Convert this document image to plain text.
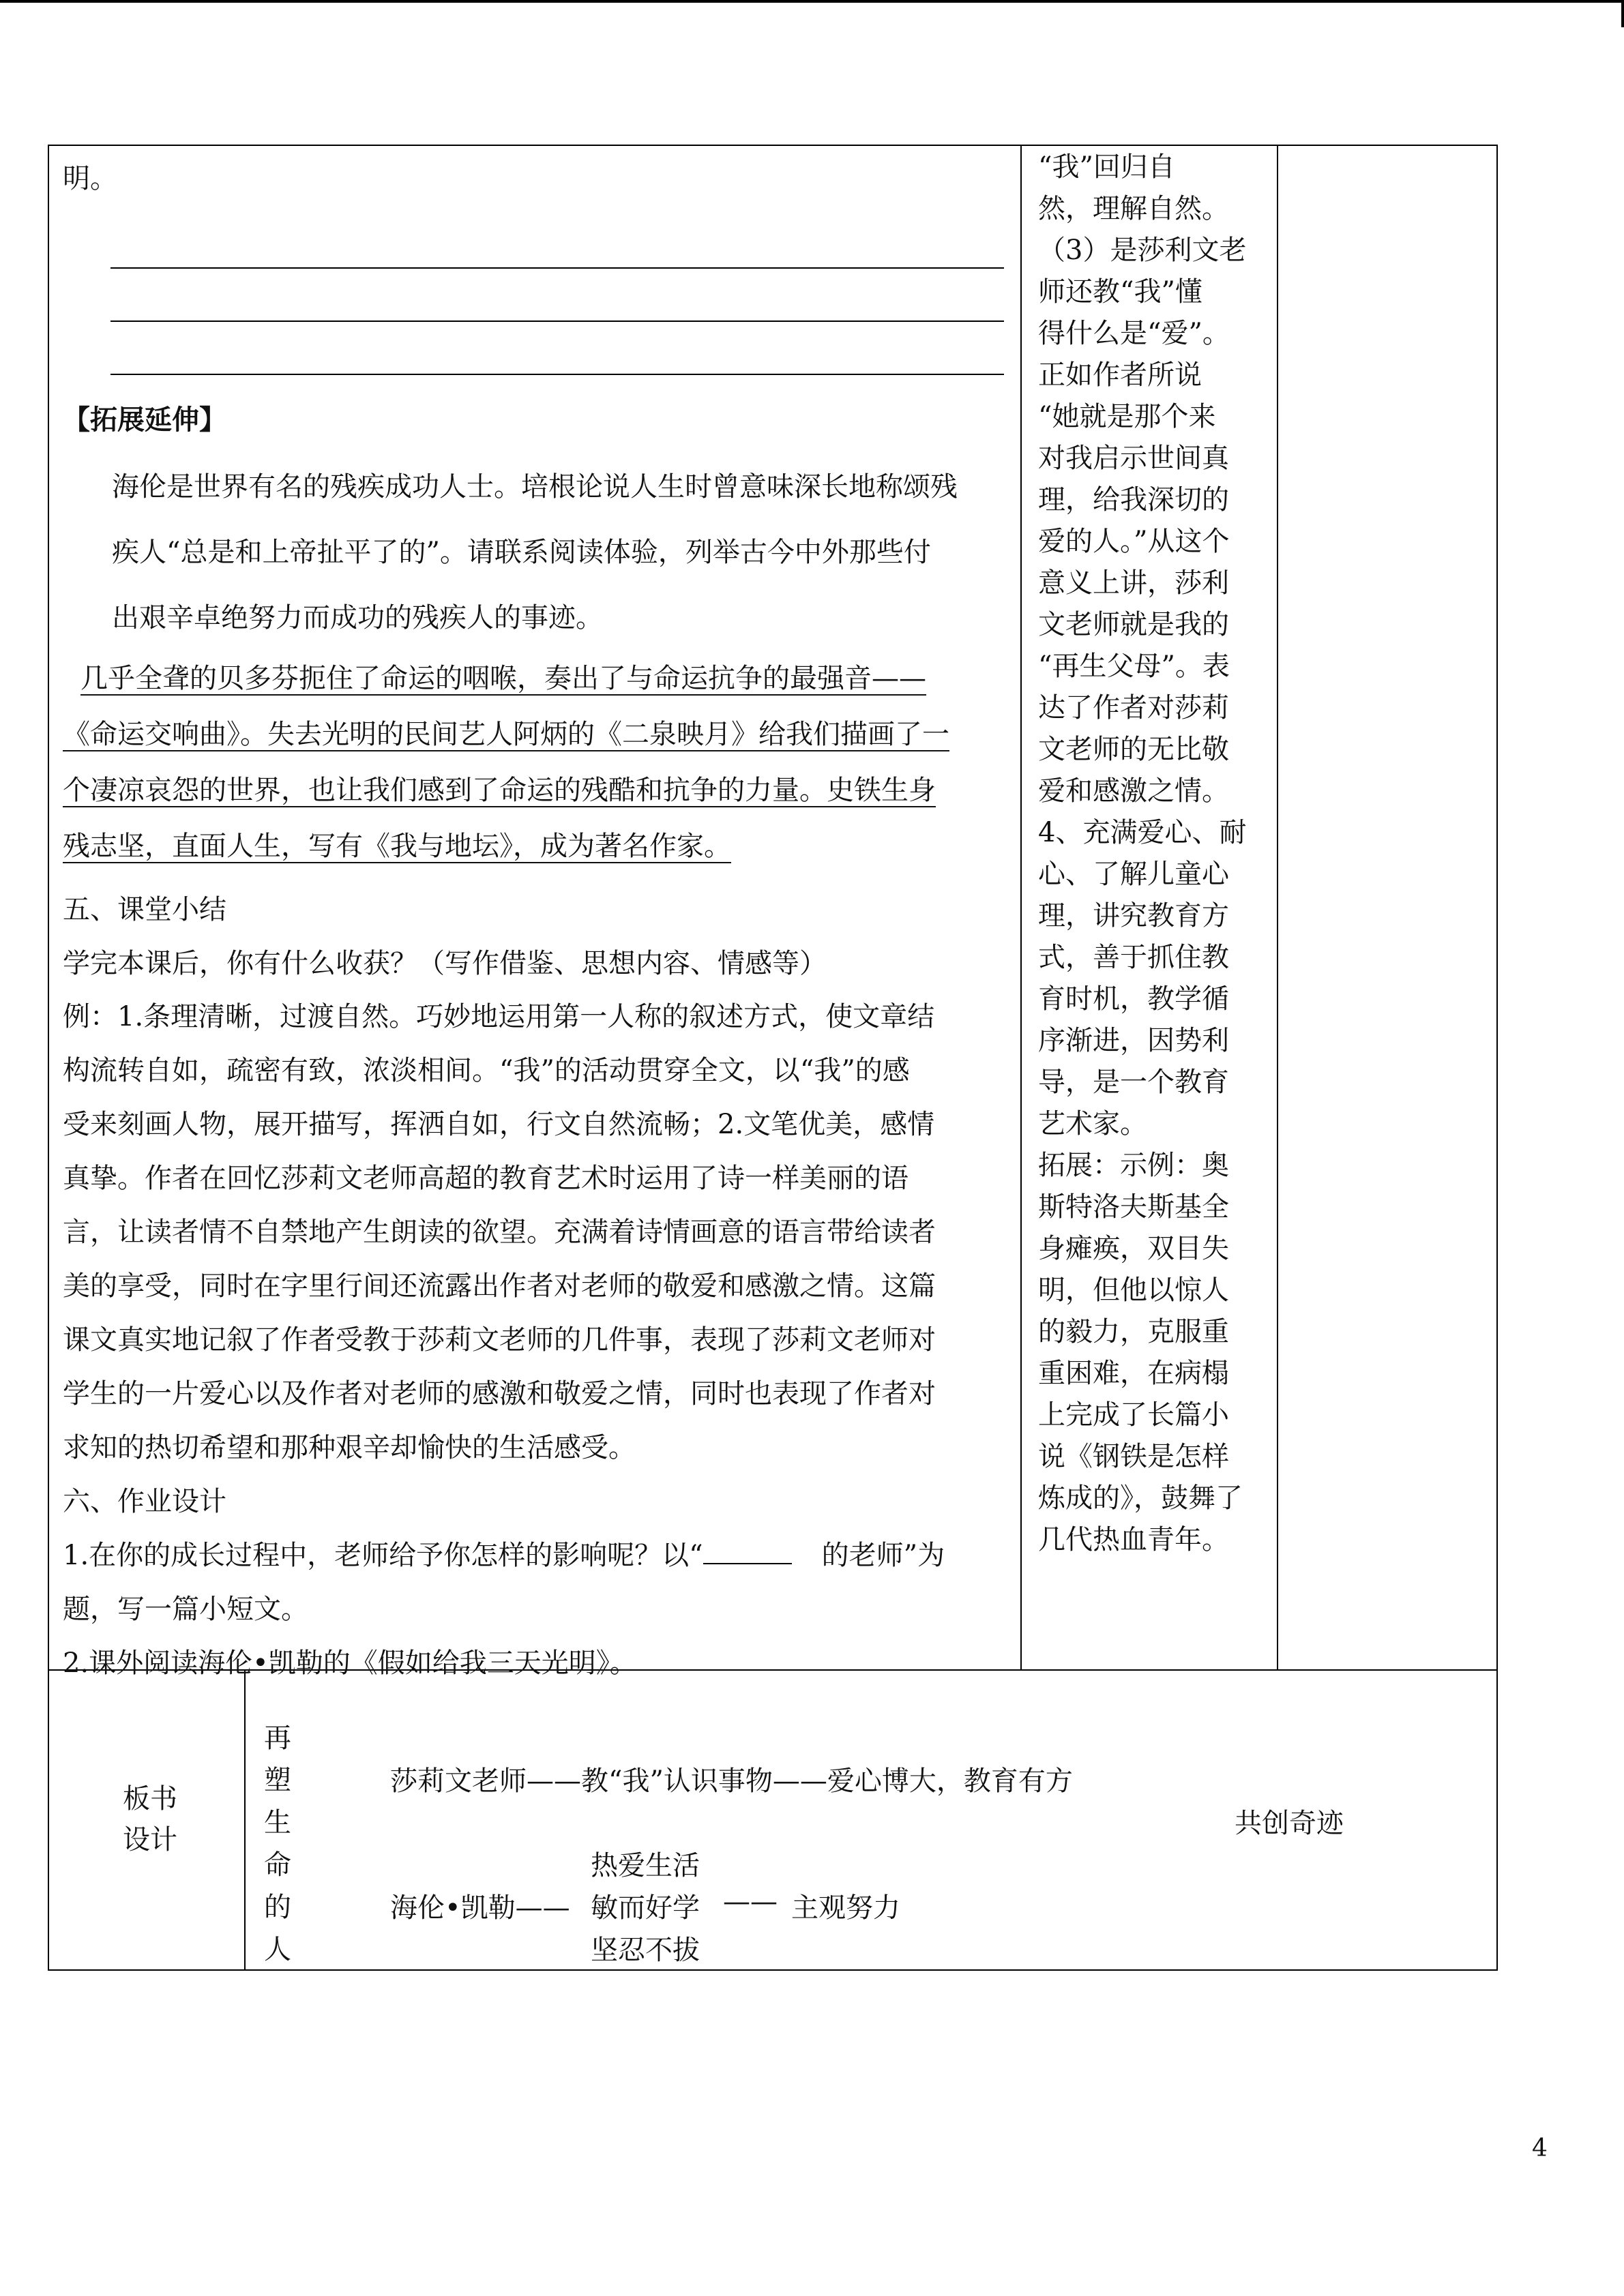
明。
【拓展延伸】
海伦是世界有名的残疾成功人士。培根论说人生时曾意味深长地称颂残
疾人“总是和上帝扯平了的”。请联系阅读体验，列举古今中外那些付
出艰辛卓绝努力而成功的残疾人的事迹。
几乎全聋的贝多芬扼住了命运的咽喉，奏出了与命运抗争的最强音——
《命运交响曲》。失去光明的民间艺人阿炳的《二泉映月》给我们描画了一
个凄凉哀怨的世界，也让我们感到了命运的残酷和抗争的力量。史铁生身
残志坚，直面人生，写有《我与地坛》，成为著名作家。
五、课堂小结
学完本课后，你有什么收获？（写作借鉴、思想内容、情感等）
例：1.条理清晰，过渡自然。巧妙地运用第一人称的叙述方式，使文章结
构流转自如，疏密有致，浓淡相间。“我”的活动贯穿全文，以“我”的感
受来刻画人物，展开描写，挥洒自如，行文自然流畅；2.文笔优美，感情
真挚。作者在回忆莎莉文老师高超的教育艺术时运用了诗一样美丽的语
言，让读者情不自禁地产生朗读的欲望。充满着诗情画意的语言带给读者
美的享受，同时在字里行间还流露出作者对老师的敬爱和感激之情。这篇
课文真实地记叙了作者受教于莎莉文老师的几件事，表现了莎莉文老师对
学生的一片爱心以及作者对老师的感激和敬爱之情，同时也表现了作者对
求知的热切希望和那种艰辛却愉快的生活感受。
六、作业设计
1.在你的成长过程中，老师给予你怎样的影响呢？以“	的老师”为
题，写一篇小短文。
2.课外阅读海伦•凯勒的《假如给我三天光明》。
“我”回归自
然，理解自然。
（3）是莎利文老
师还教“我”懂
得什么是“爱”。
正如作者所说
“她就是那个来
对我启示世间真
理，给我深切的
爱的人。”从这个
意义上讲，莎利
文老师就是我的
“再生父母”。表
达了作者对莎莉
文老师的无比敬
爱和感激之情。
4、充满爱心、耐
心、了解儿童心
理，讲究教育方
式，善于抓住教
育时机，教学循
序渐进，因势利
导，是一个教育
艺术家。
拓展：示例：奥
斯特洛夫斯基全
身瘫痪，双目失
明，但他以惊人
的毅力，克服重
重困难，在病榻
上完成了长篇小
说《钢铁是怎样
炼成的》，鼓舞了
几代热血青年。
板书
设计
再
塑
生
命
的
人
莎莉文老师——教“我”认识事物——爱心博大，教育有方
共创奇迹
热爱生活
海伦•凯勒—— 敏而好学 —— 主观努力
坚忍不拔
4
